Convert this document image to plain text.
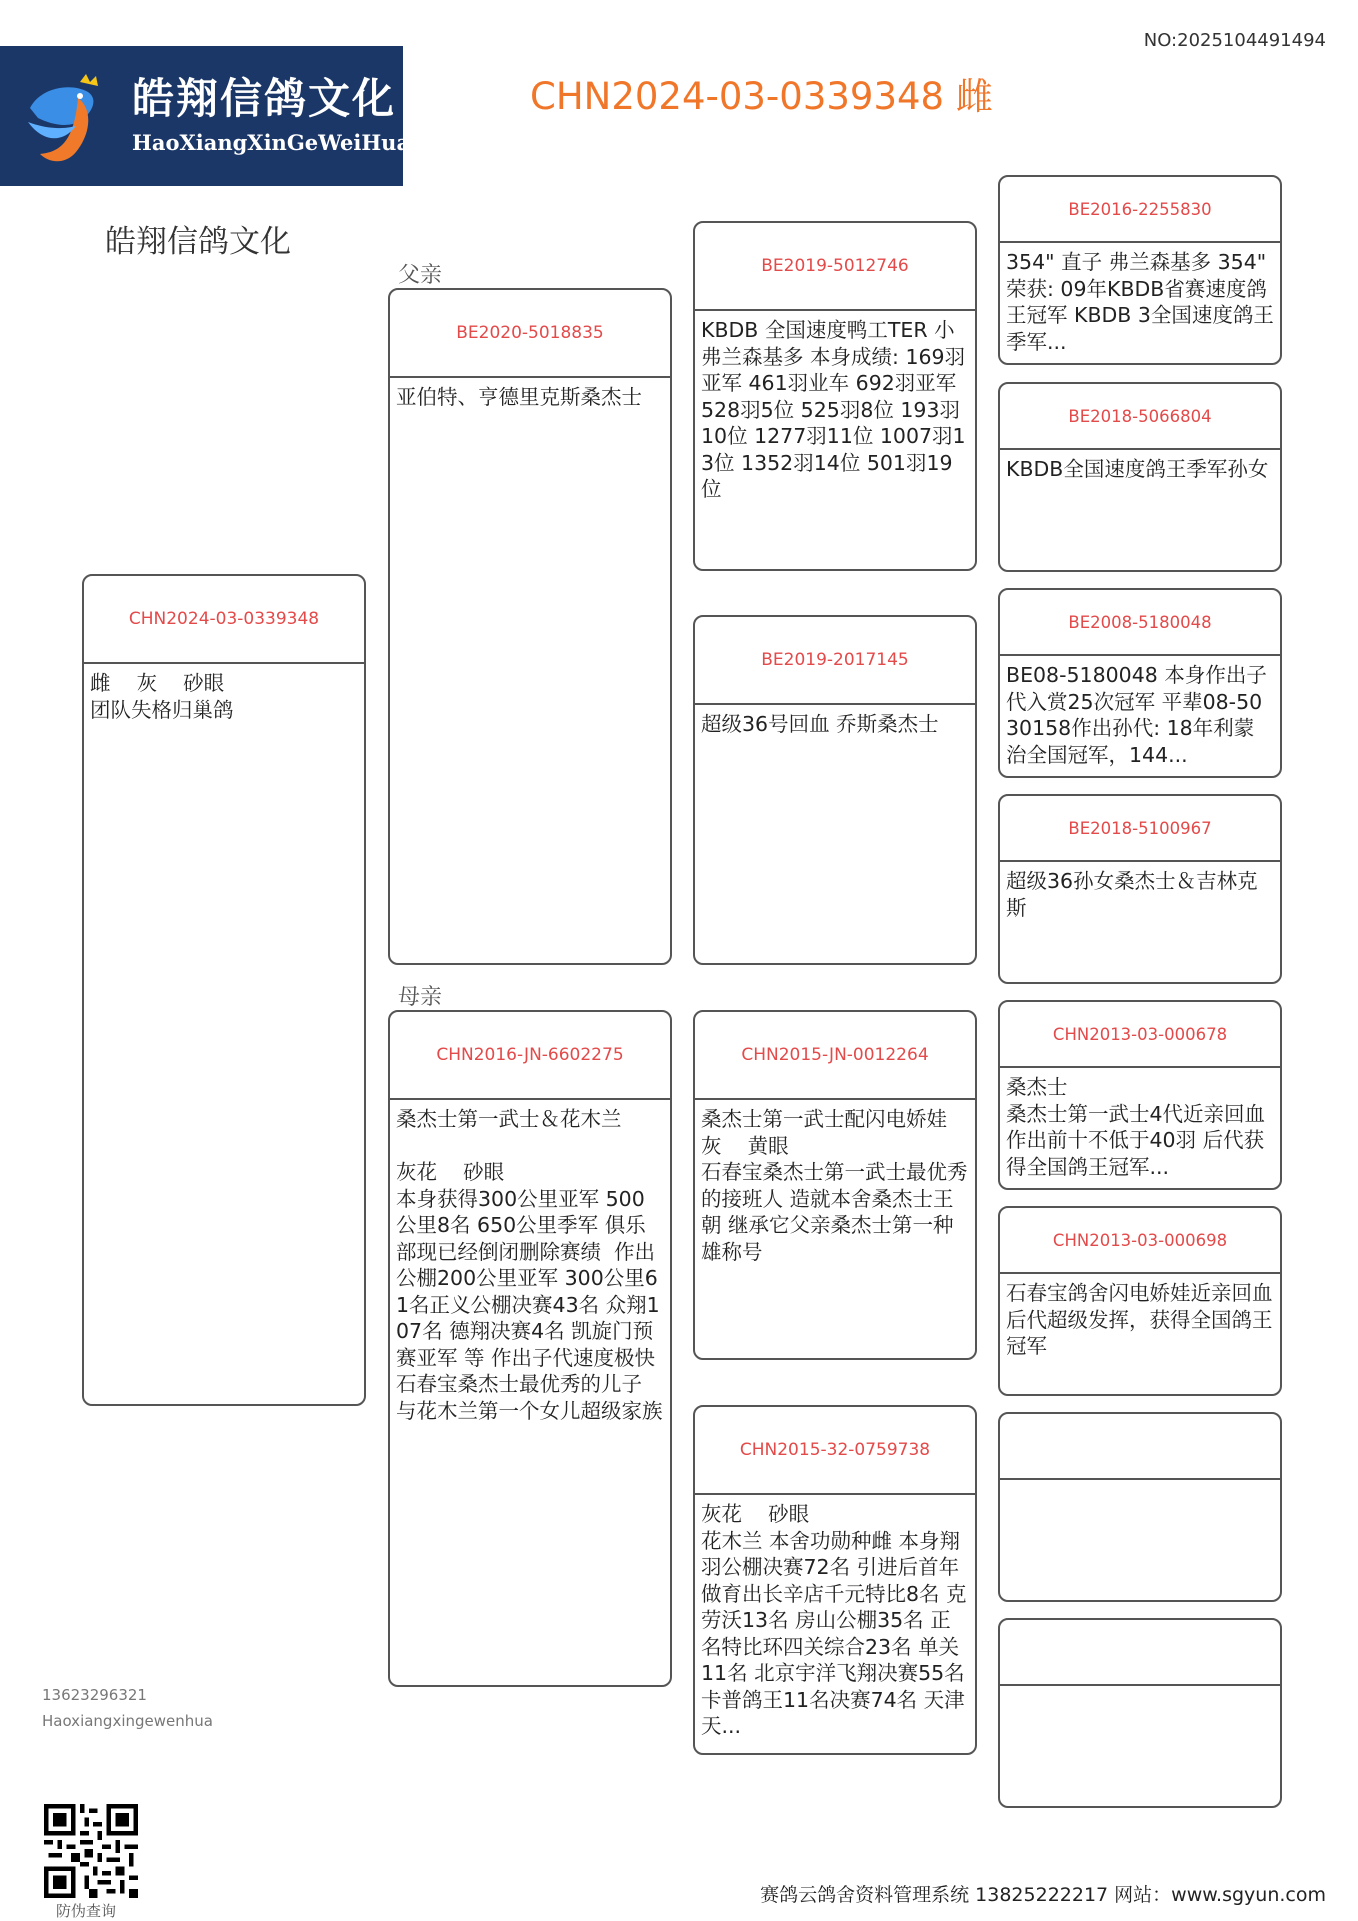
皓翔信鸽文化
HaoXiangXinGeWeiHua
NO:2025104491494
CHN2024-03-0339348 雌
皓翔信鸽文化
父亲
母亲
CHN2024-03-0339348
雌    灰    砂眼
团队失格归巢鸽
BE2020-5018835
亚伯特、亨德里克斯桑杰士
CHN2016-JN-6602275
桑杰士第一武士＆花木兰

灰花    砂眼
本身获得300公里亚军 500公里8名 650公里季军 俱乐部现已经倒闭删除赛绩  作出公棚200公里亚军 300公里61名正义公棚决赛43名 众翔107名 德翔决赛4名 凯旋门预赛亚军 等 作出子代速度极快 石春宝桑杰士最优秀的儿子 与花木兰第一个女儿超级家族
BE2019-5012746
KBDB 全国速度鸭工TER 小 弗兰森基多 本身成绩: 169羽亚军 461羽业车 692羽亚军 528羽5位 525羽8位 193羽10位 1277羽11位 1007羽13位 1352羽14位 501羽19位
BE2019-2017145
超级36号回血 乔斯桑杰士
CHN2015-JN-0012264
桑杰士第一武士配闪电娇娃
灰    黄眼
石春宝桑杰士第一武士最优秀的接班人 造就本舍桑杰士王朝 继承它父亲桑杰士第一种雄称号
CHN2015-32-0759738
灰花    砂眼
花木兰 本舍功勋种雌 本身翔羽公棚决赛72名 引进后首年做育出长辛店千元特比8名 克劳沃13名 房山公棚35名 正名特比环四关综合23名 单关11名 北京宇洋飞翔决赛55名 卡普鸽王11名决赛74名 天津天...
BE2016-2255830
354" 直子 弗兰森基多 354" 荣获: 09年KBDB省赛速度鸽王冠军 KBDB 3全国速度鸽王季军...
BE2018-5066804
KBDB全国速度鸽王季军孙女
BE2008-5180048
BE08-5180048 本身作出子代入赏25次冠军 平辈08-5030158作出孙代: 18年利蒙治全国冠军，144...
BE2018-5100967
超级36孙女桑杰士＆吉林克斯
CHN2013-03-000678
桑杰士
桑杰士第一武士4代近亲回血作出前十不低于40羽 后代获得全国鸽王冠军...
CHN2013-03-000698
石春宝鸽舍闪电娇娃近亲回血 后代超级发挥，获得全国鸽王冠军
13623296321
Haoxiangxingewenhua
防伪查询
赛鸽云鸽舍资料管理系统 13825222217 网站：www.sgyun.com
